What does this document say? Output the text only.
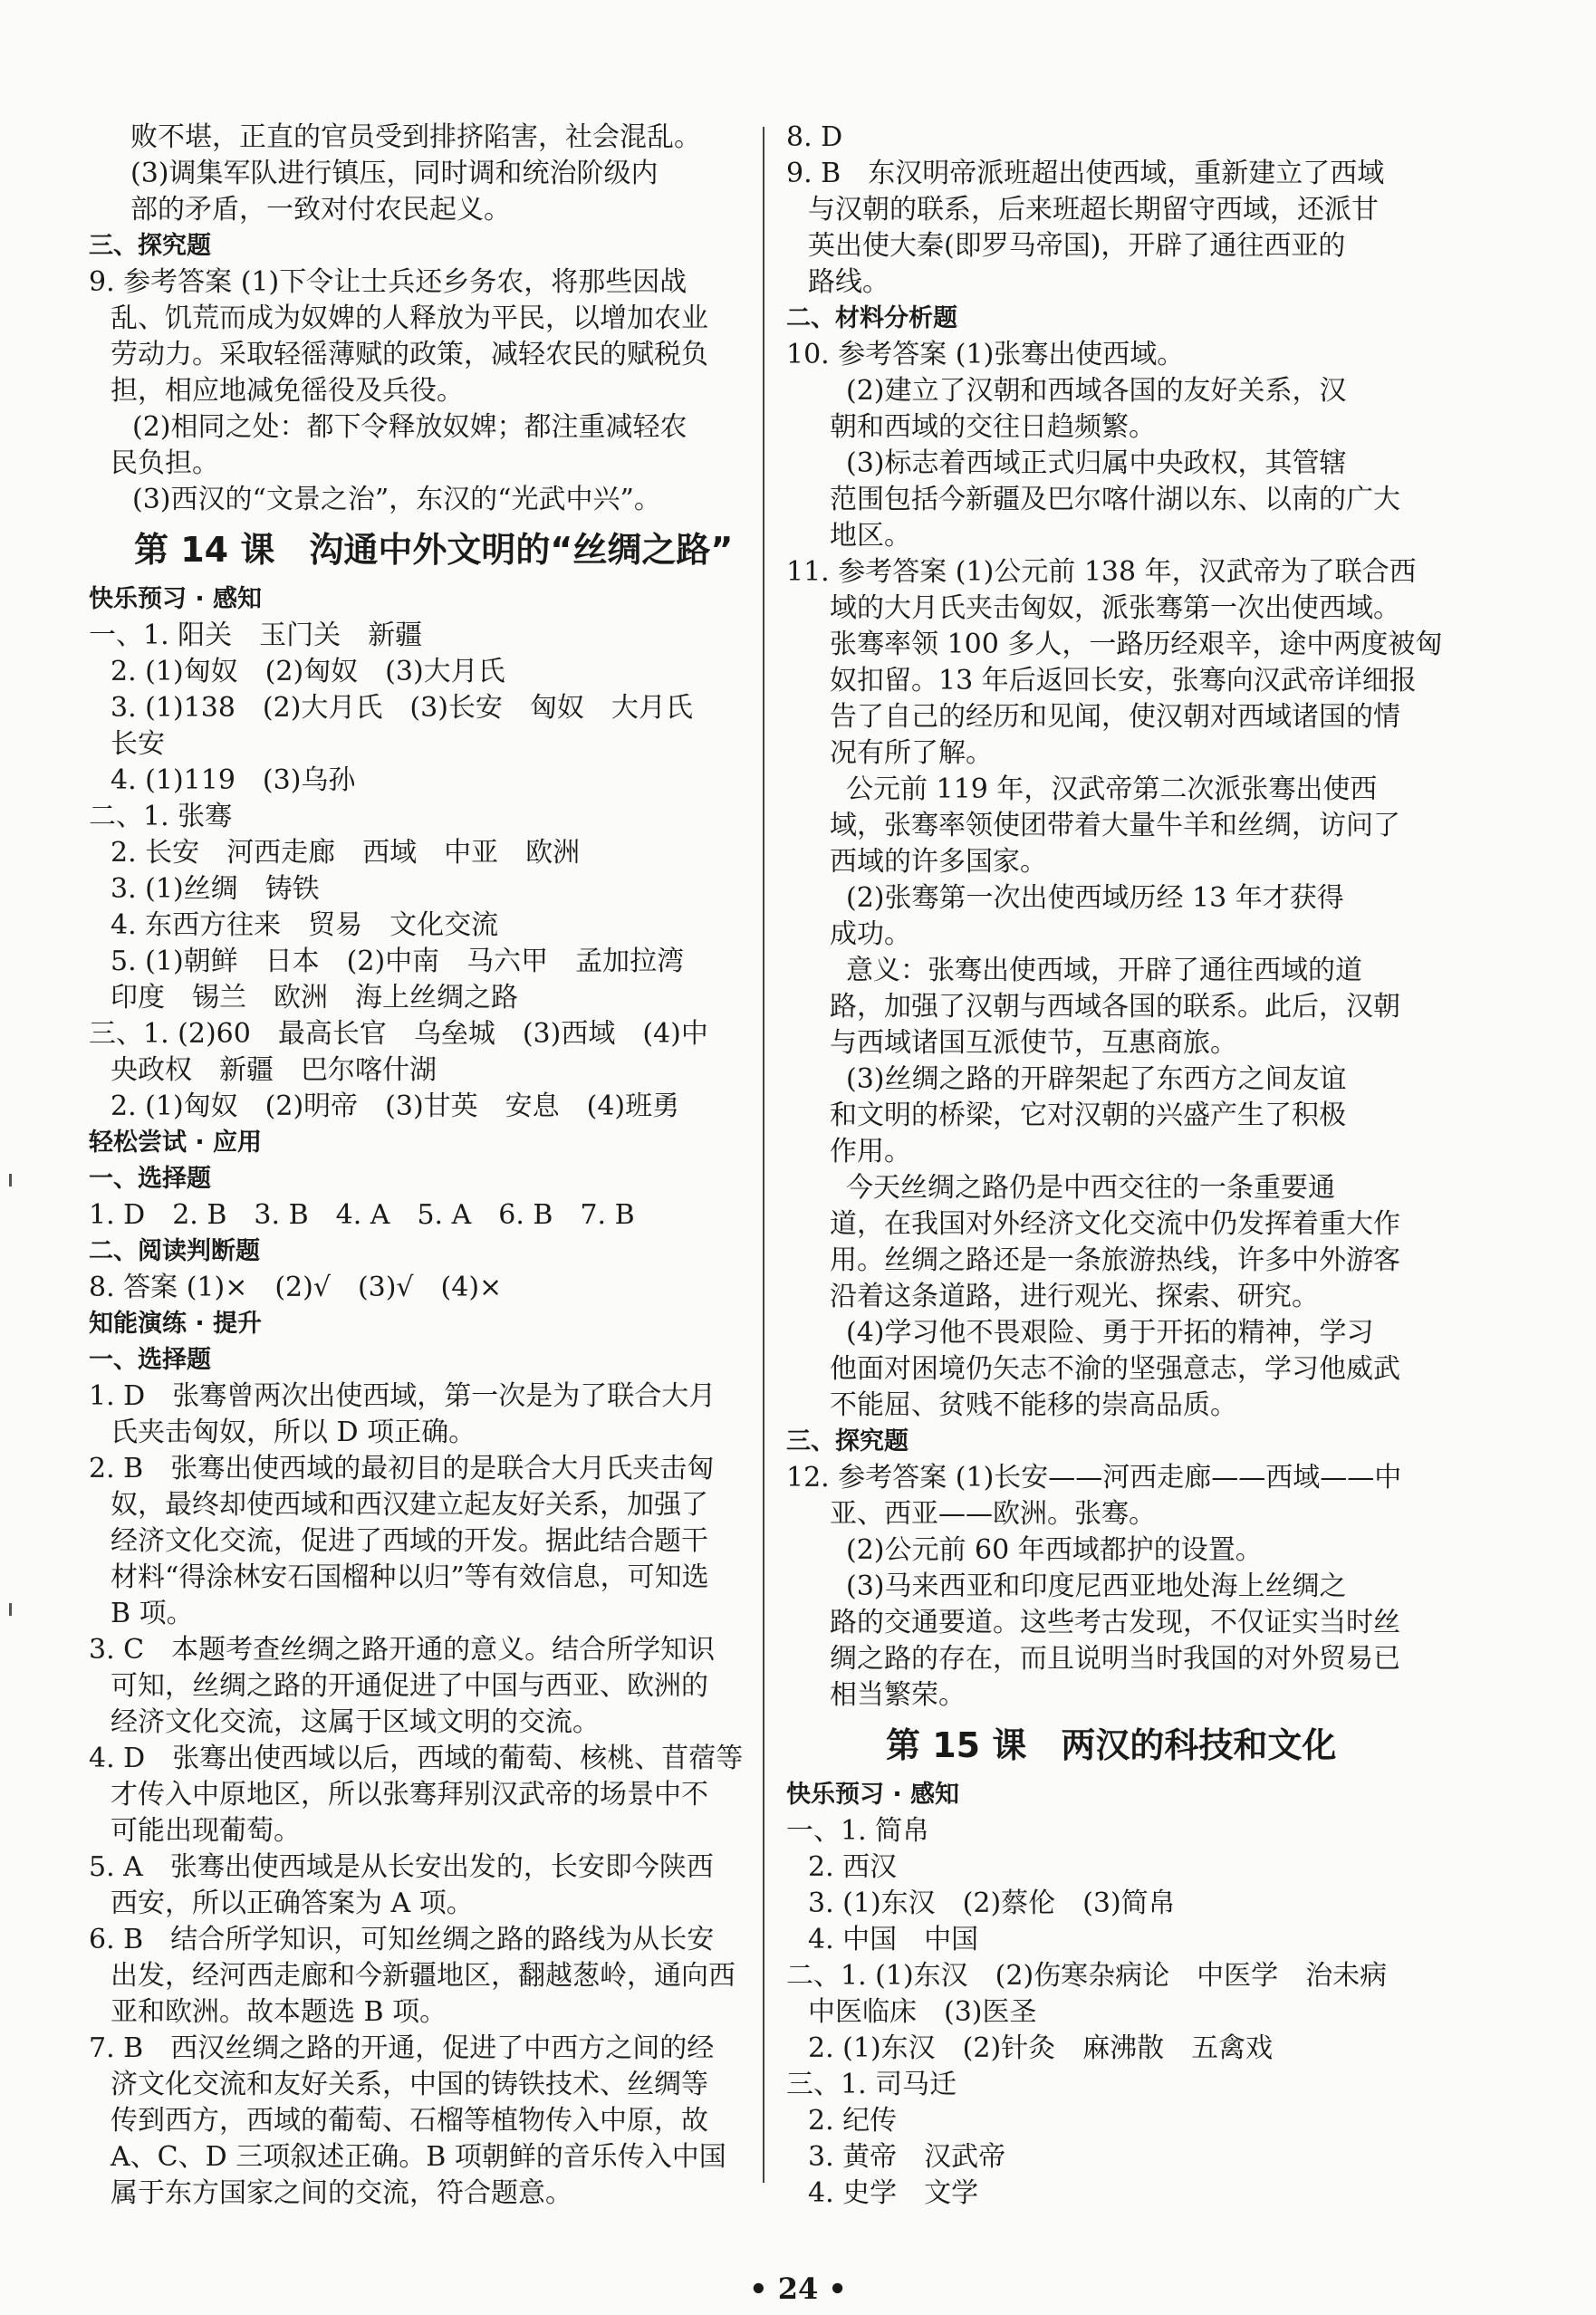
败不堪，正直的官员受到排挤陷害，社会混乱。
(3)调集军队进行镇压，同时调和统治阶级内
部的矛盾，一致对付农民起义。
三、探究题
9. 参考答案 (1)下令让士兵还乡务农，将那些因战
乱、饥荒而成为奴婢的人释放为平民，以增加农业
劳动力。采取轻徭薄赋的政策，减轻农民的赋税负
担，相应地减免徭役及兵役。
(2)相同之处：都下令释放奴婢；都注重减轻农
民负担。
(3)西汉的“文景之治”，东汉的“光武中兴”。
第 14 课　沟通中外文明的“丝绸之路”
快乐预习 · 感知
一、1. 阳关　玉门关　新疆
2. (1)匈奴　(2)匈奴　(3)大月氏
3. (1)138　(2)大月氏　(3)长安　匈奴　大月氏
长安
4. (1)119　(3)乌孙
二、1. 张骞
2. 长安　河西走廊　西域　中亚　欧洲
3. (1)丝绸　铸铁
4. 东西方往来　贸易　文化交流
5. (1)朝鲜　日本　(2)中南　马六甲　孟加拉湾
印度　锡兰　欧洲　海上丝绸之路
三、1. (2)60　最高长官　乌垒城　(3)西域　(4)中
央政权　新疆　巴尔喀什湖
2. (1)匈奴　(2)明帝　(3)甘英　安息　(4)班勇
轻松尝试 · 应用
一、选择题
1. D　2. B　3. B　4. A　5. A　6. B　7. B
二、阅读判断题
8. 答案 (1)×　(2)√　(3)√　(4)×
知能演练 · 提升
一、选择题
1. D　张骞曾两次出使西域，第一次是为了联合大月
氏夹击匈奴，所以 D 项正确。
2. B　张骞出使西域的最初目的是联合大月氏夹击匈
奴，最终却使西域和西汉建立起友好关系，加强了
经济文化交流，促进了西域的开发。据此结合题干
材料“得涂林安石国榴种以归”等有效信息，可知选
B 项。
3. C　本题考查丝绸之路开通的意义。结合所学知识
可知，丝绸之路的开通促进了中国与西亚、欧洲的
经济文化交流，这属于区域文明的交流。
4. D　张骞出使西域以后，西域的葡萄、核桃、苜蓿等
才传入中原地区，所以张骞拜别汉武帝的场景中不
可能出现葡萄。
5. A　张骞出使西域是从长安出发的，长安即今陕西
西安，所以正确答案为 A 项。
6. B　结合所学知识，可知丝绸之路的路线为从长安
出发，经河西走廊和今新疆地区，翻越葱岭，通向西
亚和欧洲。故本题选 B 项。
7. B　西汉丝绸之路的开通，促进了中西方之间的经
济文化交流和友好关系，中国的铸铁技术、丝绸等
传到西方，西域的葡萄、石榴等植物传入中原，故
A、C、D 三项叙述正确。B 项朝鲜的音乐传入中国
属于东方国家之间的交流，符合题意。
8. D
9. B　东汉明帝派班超出使西域，重新建立了西域
与汉朝的联系，后来班超长期留守西域，还派甘
英出使大秦(即罗马帝国)，开辟了通往西亚的
路线。
二、材料分析题
10. 参考答案 (1)张骞出使西域。
(2)建立了汉朝和西域各国的友好关系，汉
朝和西域的交往日趋频繁。
(3)标志着西域正式归属中央政权，其管辖
范围包括今新疆及巴尔喀什湖以东、以南的广大
地区。
11. 参考答案 (1)公元前 138 年，汉武帝为了联合西
域的大月氏夹击匈奴，派张骞第一次出使西域。
张骞率领 100 多人，一路历经艰辛，途中两度被匈
奴扣留。13 年后返回长安，张骞向汉武帝详细报
告了自己的经历和见闻，使汉朝对西域诸国的情
况有所了解。
公元前 119 年，汉武帝第二次派张骞出使西
域，张骞率领使团带着大量牛羊和丝绸，访问了
西域的许多国家。
(2)张骞第一次出使西域历经 13 年才获得
成功。
意义：张骞出使西域，开辟了通往西域的道
路，加强了汉朝与西域各国的联系。此后，汉朝
与西域诸国互派使节，互惠商旅。
(3)丝绸之路的开辟架起了东西方之间友谊
和文明的桥梁，它对汉朝的兴盛产生了积极
作用。
今天丝绸之路仍是中西交往的一条重要通
道，在我国对外经济文化交流中仍发挥着重大作
用。丝绸之路还是一条旅游热线，许多中外游客
沿着这条道路，进行观光、探索、研究。
(4)学习他不畏艰险、勇于开拓的精神，学习
他面对困境仍矢志不渝的坚强意志，学习他威武
不能屈、贫贱不能移的崇高品质。
三、探究题
12. 参考答案 (1)长安——河西走廊——西域——中
亚、西亚——欧洲。张骞。
(2)公元前 60 年西域都护的设置。
(3)马来西亚和印度尼西亚地处海上丝绸之
路的交通要道。这些考古发现，不仅证实当时丝
绸之路的存在，而且说明当时我国的对外贸易已
相当繁荣。
第 15 课　两汉的科技和文化
快乐预习 · 感知
一、1. 简帛
2. 西汉
3. (1)东汉　(2)蔡伦　(3)简帛
4. 中国　中国
二、1. (1)东汉　(2)伤寒杂病论　中医学　治未病
中医临床　(3)医圣
2. (1)东汉　(2)针灸　麻沸散　五禽戏
三、1. 司马迁
2. 纪传
3. 黄帝　汉武帝
4. 史学　文学
• 24 •
